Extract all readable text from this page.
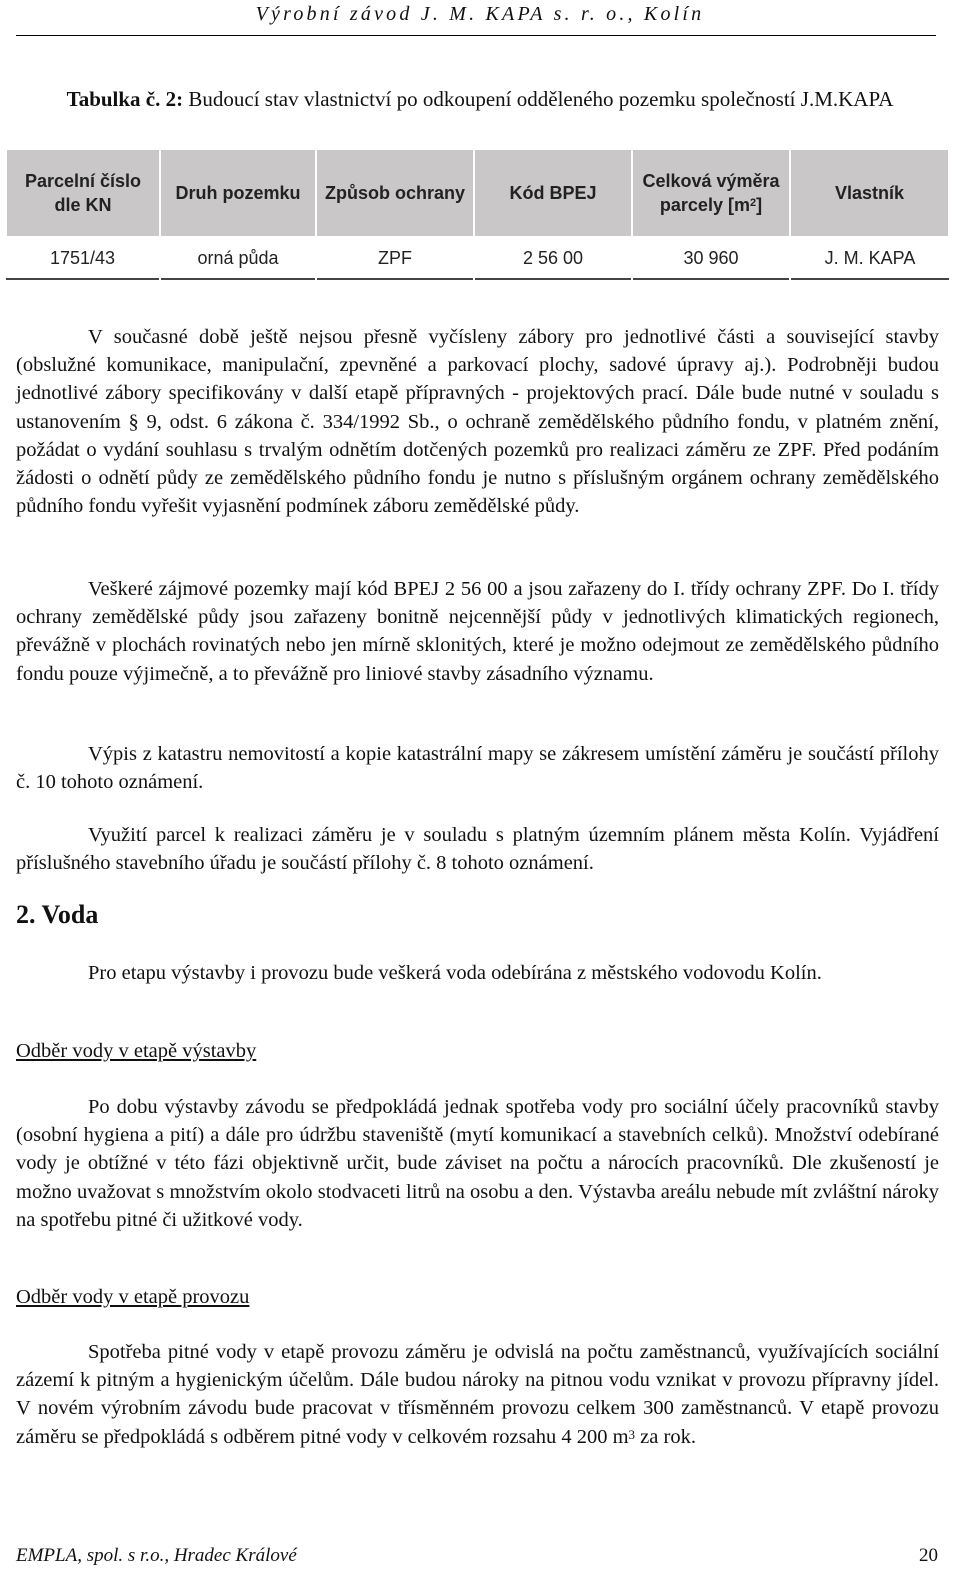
Výrobní závod J. M. KAPA s. r. o., Kolín
Tabulka č. 2: Budoucí stav vlastnictví po odkoupení odděleného pozemku společností J.M.KAPA
Parcelní číslo dle KN	Druh pozemku	Způsob ochrany	Kód BPEJ	Celková výměra parcely $[m^2]$	Vlastník
1751/43	orná půda	ZPF	2 56 00	30 960	J. M. KAPA
V současné době ještě nejsou přesně vyčísleny zábory pro jednotlivé části a související stavby (obslužné komunikace, manipulační, zpevněné a parkovací plochy, sadové úpravy aj.). Podrobněji budou jednotlivé zábory specifikovány v další etapě přípravných - projektových prací. Dále bude nutné v souladu s ustanovením § 9, odst. 6 zákona č. 334/1992 Sb., o ochraně zemědělského půdního fondu, v platném znění, požádat o vydání souhlasu s trvalým odnětím dotčených pozemků pro realizaci záměru ze ZPF. Před podáním žádosti o odnětí půdy ze zemědělského půdního fondu je nutno s příslušným orgánem ochrany zemědělského půdního fondu vyřešit vyjasnění podmínek záboru zemědělské půdy.
Veškeré zájmové pozemky mají kód BPEJ 2 56 00 a jsou zařazeny do I. třídy ochrany ZPF. Do I. třídy ochrany zemědělské půdy jsou zařazeny bonitně nejcennější půdy v jednotlivých klimatických regionech, převážně v plochách rovinatých nebo jen mírně sklonitých, které je možno odejmout ze zemědělského půdního fondu pouze výjimečně, a to převážně pro liniové stavby zásadního významu.
Výpis z katastru nemovitostí a kopie katastrální mapy se zákresem umístění záměru je součástí přílohy č. 10 tohoto oznámení.
Využití parcel k realizaci záměru je v souladu s platným územním plánem města Kolín. Vyjádření příslušného stavebního úřadu je součástí přílohy č. 8 tohoto oznámení.
2. Voda
Pro etapu výstavby i provozu bude veškerá voda odebírána z městského vodovodu Kolín.
Odběr vody v etapě výstavby
Po dobu výstavby závodu se předpokládá jednak spotřeba vody pro sociální účely pracovníků stavby (osobní hygiena a pití) a dále pro údržbu staveniště (mytí komunikací a stavebních celků). Množství odebírané vody je obtížné v této fázi objektivně určit, bude záviset na počtu a nárocích pracovníků. Dle zkušeností je možno uvažovat s množstvím okolo stodvaceti litrů na osobu a den. Výstavba areálu nebude mít zvláštní nároky na spotřebu pitné či užitkové vody.
Odběr vody v etapě provozu
Spotřeba pitné vody v etapě provozu záměru je odvislá na počtu zaměstnanců, využívajících sociální zázemí k pitným a hygienickým účelům. Dále budou nároky na pitnou vodu vznikat v provozu přípravny jídel. V novém výrobním závodu bude pracovat v třísměnném provozu celkem 300 zaměstnanců. V etapě provozu záměru se předpokládá s odběrem pitné vody v celkovém rozsahu 4 200 $m^3$ za rok.
EMPLA, spol. s r.o., Hradec Králové	20
